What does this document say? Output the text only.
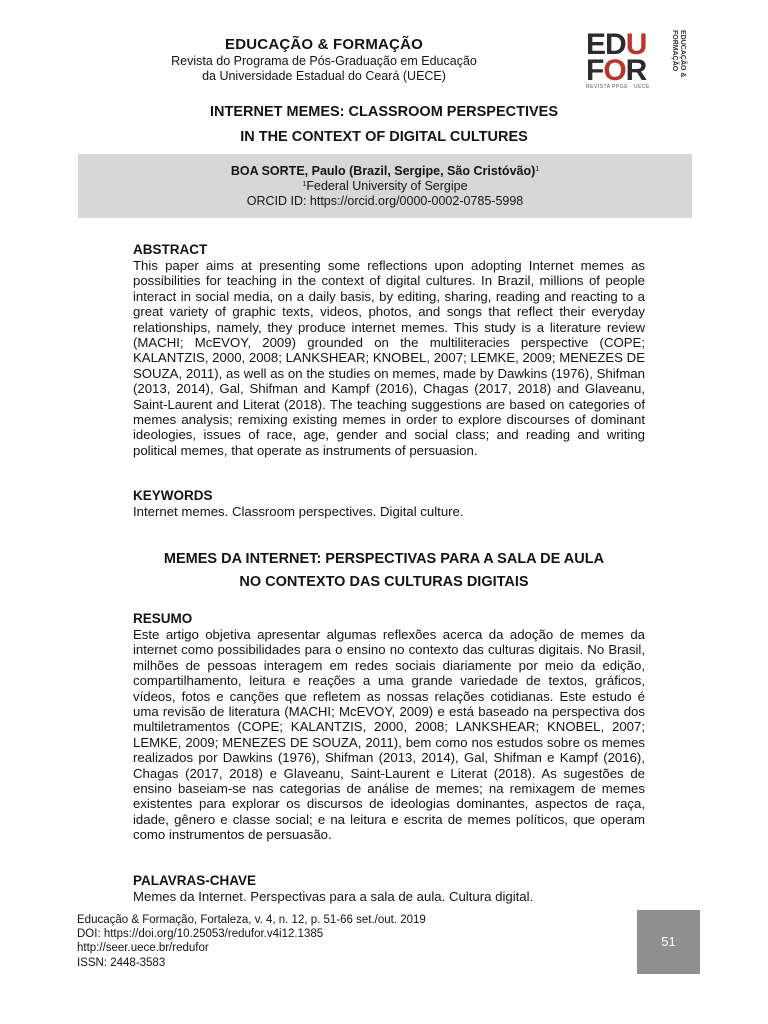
EDUCAÇÃO & FORMAÇÃO
Revista do Programa de Pós-Graduação em Educação
da Universidade Estadual do Ceará (UECE)
EDU
FOR	EDUCAÇÃO & FORMAÇÃO
REVISTA PPGE · UECE
INTERNET MEMES: CLASSROOM PERSPECTIVES
IN THE CONTEXT OF DIGITAL CULTURES
BOA SORTE, Paulo (Brazil, Sergipe, São Cristóvão)$^1$
$^1$Federal University of Sergipe
ORCID ID: https://orcid.org/0000-0002-0785-5998
ABSTRACT

This paper aims at presenting some reflections upon adopting Internet memes as possibilities for teaching in the context of digital cultures. In Brazil, millions of people interact in social media, on a daily basis, by editing, sharing, reading and reacting to a great variety of graphic texts, videos, photos, and songs that reflect their everyday relationships, namely, they produce internet memes. This study is a literature review (MACHI; McEVOY, 2009) grounded on the multiliteracies perspective (COPE; KALANTZIS, 2000, 2008; LANKSHEAR; KNOBEL, 2007; LEMKE, 2009; MENEZES DE SOUZA, 2011), as well as on the studies on memes, made by Dawkins (1976), Shifman (2013, 2014), Gal, Shifman and Kampf (2016), Chagas (2017, 2018) and Glaveanu, Saint-Laurent and Literat (2018). The teaching suggestions are based on categories of memes analysis; remixing existing memes in order to explore discourses of dominant ideologies, issues of race, age, gender and social class; and reading and writing political memes, that operate as instruments of persuasion.

KEYWORDS

Internet memes. Classroom perspectives. Digital culture.

MEMES DA INTERNET: PERSPECTIVAS PARA A SALA DE AULA
NO CONTEXTO DAS CULTURAS DIGITAIS
RESUMO

Este artigo objetiva apresentar algumas reflexões acerca da adoção de memes da internet como possibilidades para o ensino no contexto das culturas digitais. No Brasil, milhões de pessoas interagem em redes sociais diariamente por meio da edição, compartilhamento, leitura e reações a uma grande variedade de textos, gráficos, vídeos, fotos e canções que refletem as nossas relações cotidianas. Este estudo é uma revisão de literatura (MACHI; McEVOY, 2009) e está baseado na perspectiva dos multiletramentos (COPE; KALANTZIS, 2000, 2008; LANKSHEAR; KNOBEL, 2007; LEMKE, 2009; MENEZES DE SOUZA, 2011), bem como nos estudos sobre os memes realizados por Dawkins (1976), Shifman (2013, 2014), Gal, Shifman e Kampf (2016), Chagas (2017, 2018) e Glaveanu, Saint-Laurent e Literat (2018). As sugestões de ensino baseiam-se nas categorias de análise de memes; na remixagem de memes existentes para explorar os discursos de ideologias dominantes, aspectos de raça, idade, gênero e classe social; e na leitura e escrita de memes políticos, que operam como instrumentos de persuasão.

PALAVRAS-CHAVE

Memes da Internet. Perspectivas para a sala de aula. Cultura digital.

Educação & Formação, Fortaleza, v. 4, n. 12, p. 51-66 set./out. 2019
DOI: https://doi.org/10.25053/redufor.v4i12.1385
http://seer.uece.br/redufor
ISSN: 2448-3583
51
